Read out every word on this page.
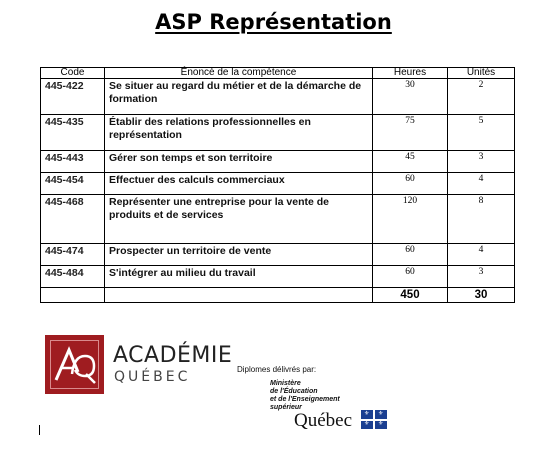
ASP Représentation
Code	Énoncé de la compétence	Heures	Unités
445-422	Se situer au regard du métier et de la démarche de formation	30	2
445-435	Établir des relations professionnelles en représentation	75	5
445-443	Gérer son temps et son territoire	45	3
445-454	Effectuer des calculs commerciaux	60	4
445-468	Représenter une entreprise pour la vente de produits et de services	120	8
445-474	Prospecter un territoire de vente	60	4
445-484	S'intégrer au milieu du travail	60	3
		450	30
ACADÉMIE
QUÉBEC	Diplomes délivrés par:
Ministère
de l'Éducation
et de l'Enseignement
supérieur
Québec ⚜ ⚜
⚜ ⚜
